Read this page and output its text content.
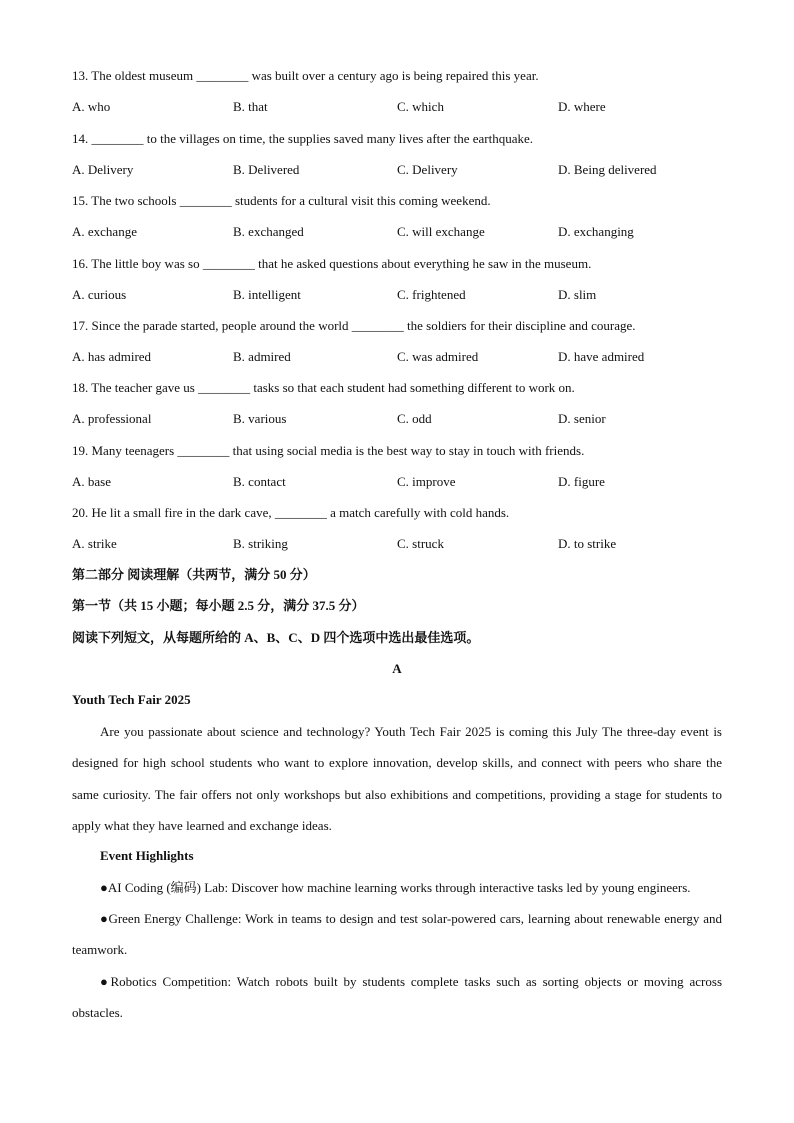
13. The oldest museum ________ was built over a century ago is being repaired this year.
A. who	B. that	C. which	D. where
14. ________ to the villages on time, the supplies saved many lives after the earthquake.
A. Delivery	B. Delivered	C. Delivery	D. Being delivered
15. The two schools ________ students for a cultural visit this coming weekend.
A. exchange	B. exchanged	C. will exchange	D. exchanging
16. The little boy was so ________ that he asked questions about everything he saw in the museum.
A. curious	B. intelligent	C. frightened	D. slim
17. Since the parade started, people around the world ________ the soldiers for their discipline and courage.
A. has admired	B. admired	C. was admired	D. have admired
18. The teacher gave us ________ tasks so that each student had something different to work on.
A. professional	B. various	C. odd	D. senior
19. Many teenagers ________ that using social media is the best way to stay in touch with friends.
A. base	B. contact	C. improve	D. figure
20. He lit a small fire in the dark cave, ________ a match carefully with cold hands.
A. strike	B. striking	C. struck	D. to strike
第二部分 阅读理解（共两节，满分 50 分）
第一节（共 15 小题；每小题 2.5 分，满分 37.5 分）
阅读下列短文，从每题所给的 A、B、C、D 四个选项中选出最佳选项。
A
Youth Tech Fair 2025

Are you passionate about science and technology? Youth Tech Fair 2025 is coming this July The three-day event is designed for high school students who want to explore innovation, develop skills, and connect with peers who share the same curiosity. The fair offers not only workshops but also exhibitions and competitions, providing a stage for students to apply what they have learned and exchange ideas.

Event Highlights

●AI Coding (编码) Lab: Discover how machine learning works through interactive tasks led by young engineers.

●Green Energy Challenge: Work in teams to design and test solar-powered cars, learning about renewable energy and teamwork.

●Robotics Competition: Watch robots built by students complete tasks such as sorting objects or moving across obstacles.
